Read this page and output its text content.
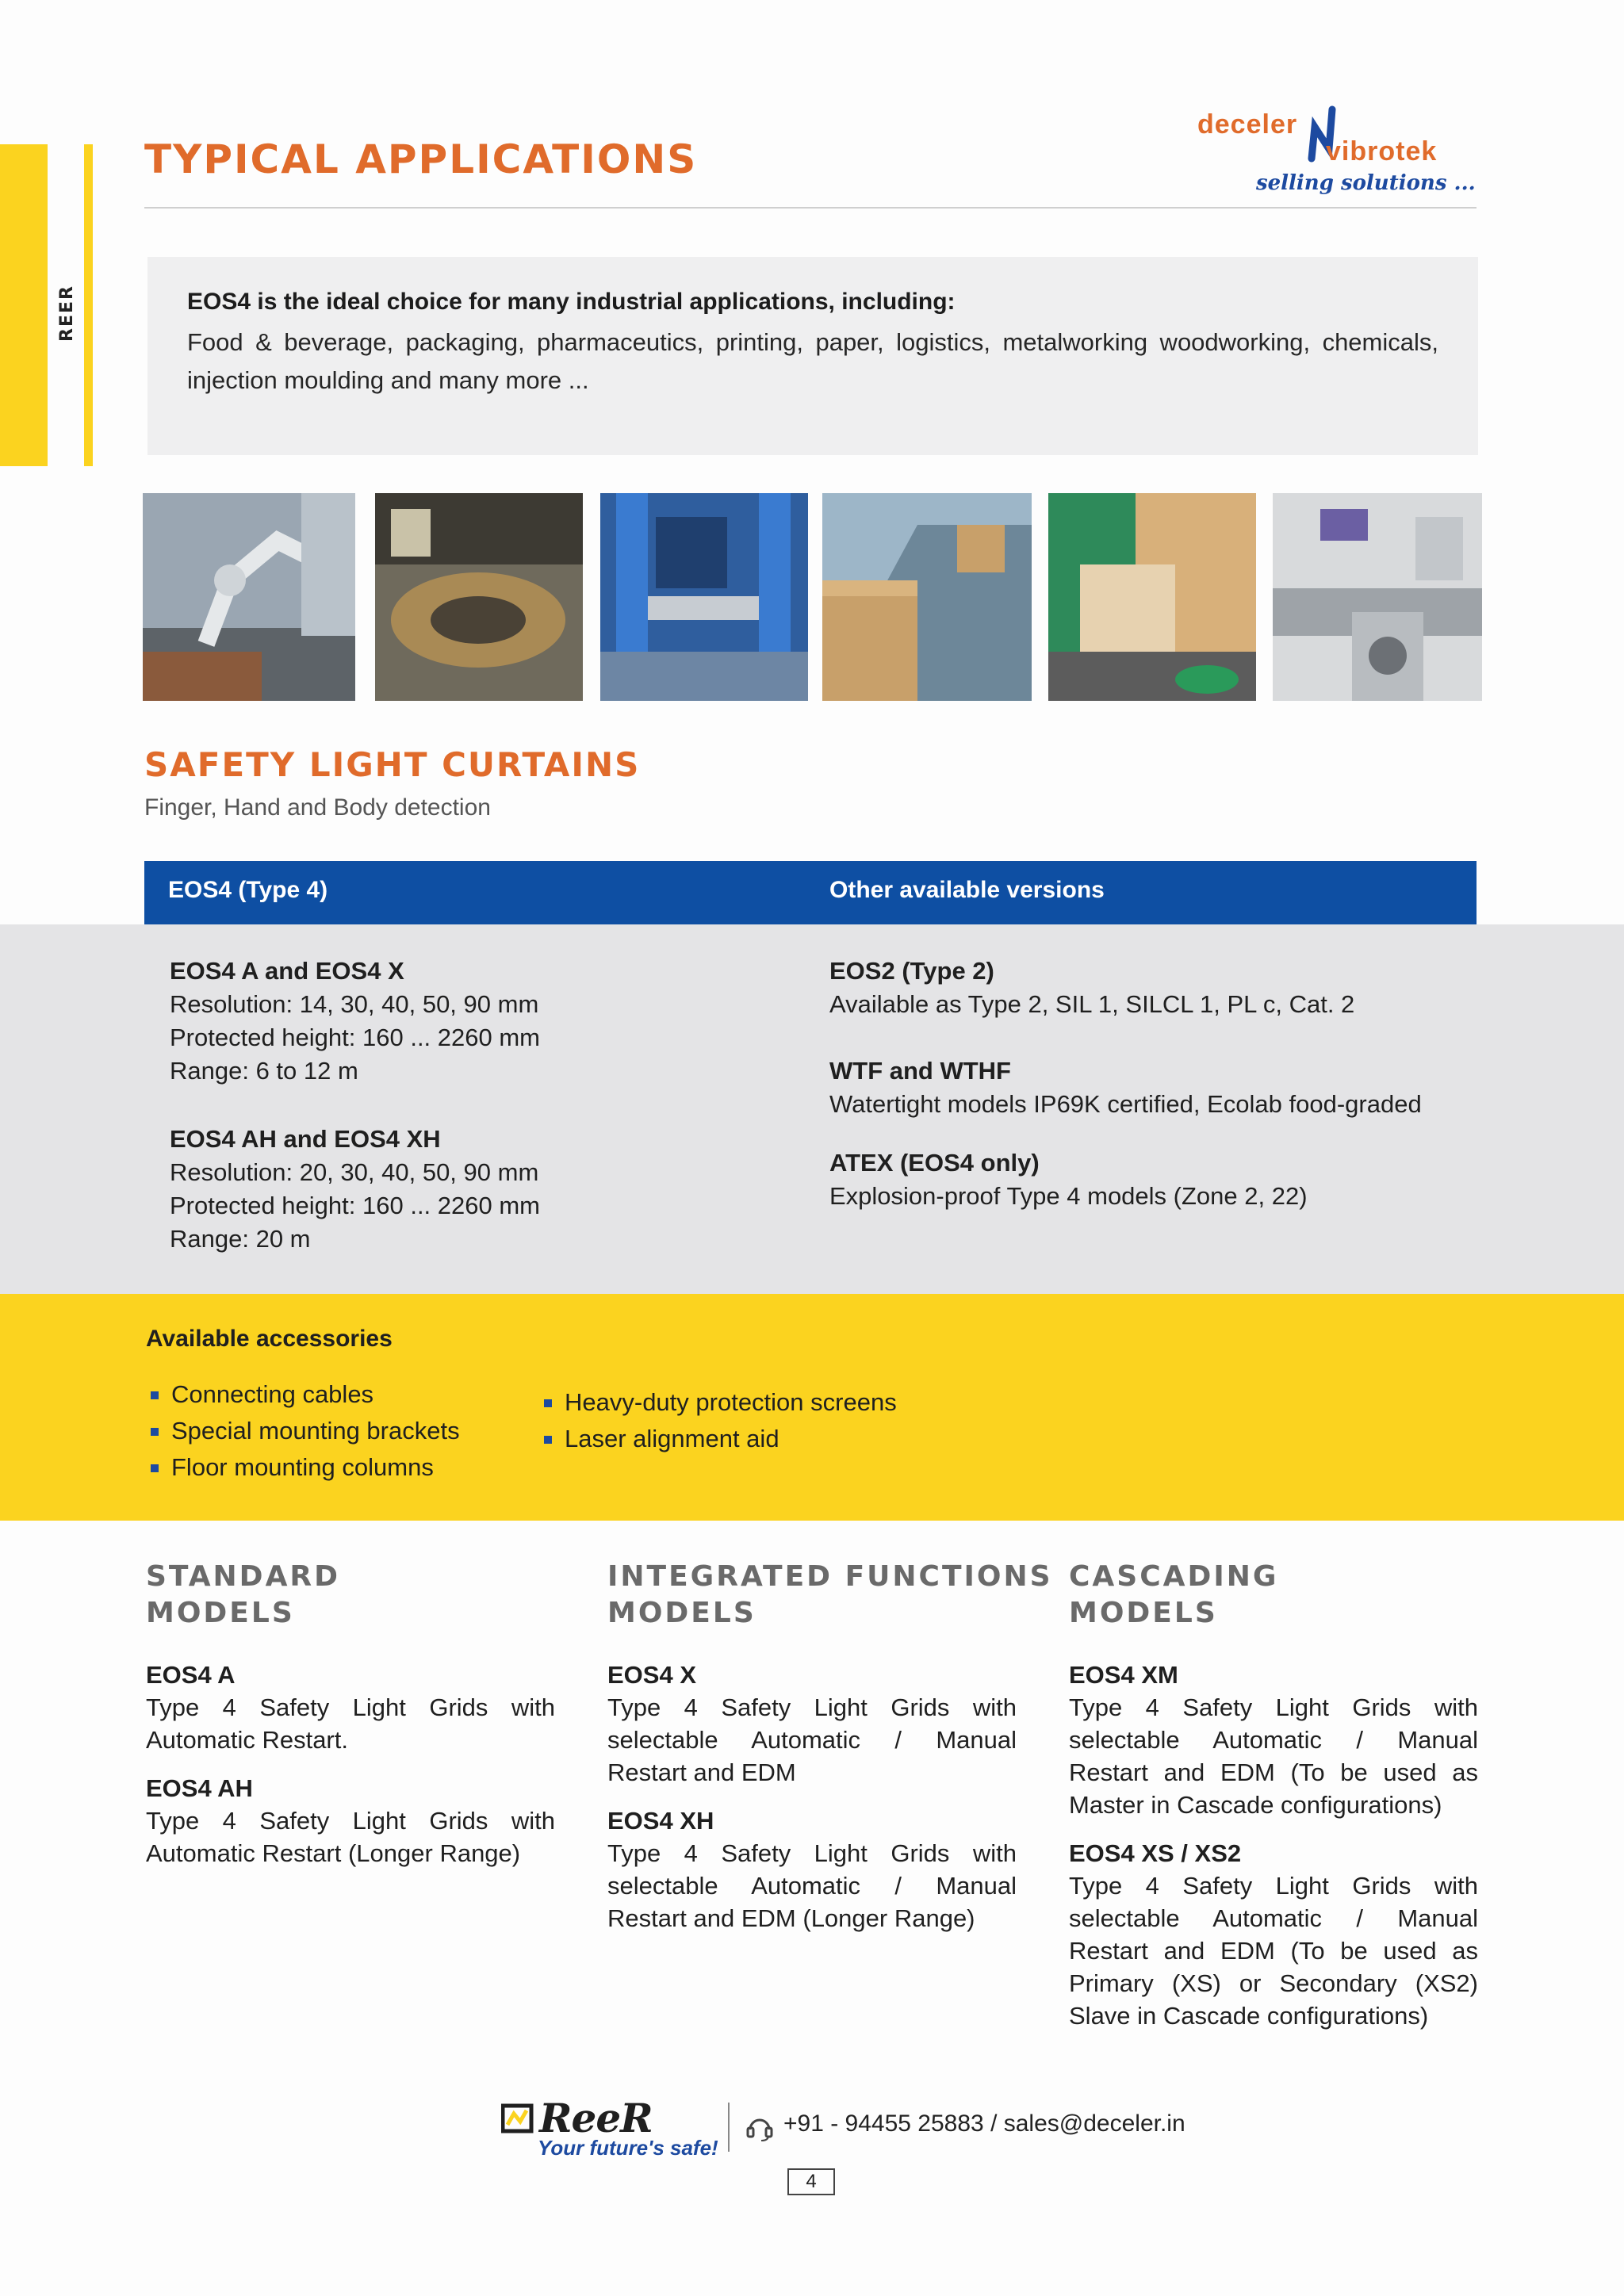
REER
TYPICAL APPLICATIONS
deceler
vibrotek
selling solutions ...
EOS4 is the ideal choice for many industrial applications, including:
Food & beverage, packaging, pharmaceutics, printing, paper, logistics, metalworking woodworking, chemicals, injection moulding and many more ...
SAFETY LIGHT CURTAINS
Finger, Hand and Body detection
EOS4 (Type 4)	Other available versions
EOS4 A and EOS4 X
Resolution: 14, 30, 40, 50, 90 mm
Protected height: 160 ... 2260 mm
Range: 6 to 12 m
EOS4 AH and EOS4 XH
Resolution: 20, 30, 40, 50, 90 mm
Protected height: 160 ... 2260 mm
Range: 20 m
EOS2 (Type 2)
Available as Type 2, SIL 1, SILCL 1, PL c, Cat. 2
WTF and WTHF
Watertight models IP69K certified, Ecolab food-graded
ATEX (EOS4 only)
Explosion-proof Type 4 models (Zone 2, 22)
Available accessories
Connecting cables
Special mounting brackets
Floor mounting columns
Heavy-duty protection screens
Laser alignment aid
STANDARD
MODELS

EOS4 A
Type 4 Safety Light Grids with Automatic Restart.

EOS4 AH
Type 4 Safety Light Grids with Automatic Restart (Longer Range)

INTEGRATED FUNCTIONS
MODELS

EOS4 X
Type 4 Safety Light Grids with selectable Automatic / Manual Restart and EDM

EOS4 XH
Type 4 Safety Light Grids with selectable Automatic / Manual Restart and EDM (Longer Range)

CASCADING
MODELS

EOS4 XM
Type 4 Safety Light Grids with selectable Automatic / Manual Restart and EDM (To be used as Master in Cascade configurations)

EOS4 XS / XS2
Type 4 Safety Light Grids with selectable Automatic / Manual Restart and EDM (To be used as Primary (XS) or Secondary (XS2) Slave in Cascade configurations)

ReeR
Your future's safe!
+91 - 94455 25883 / sales@deceler.in
4
